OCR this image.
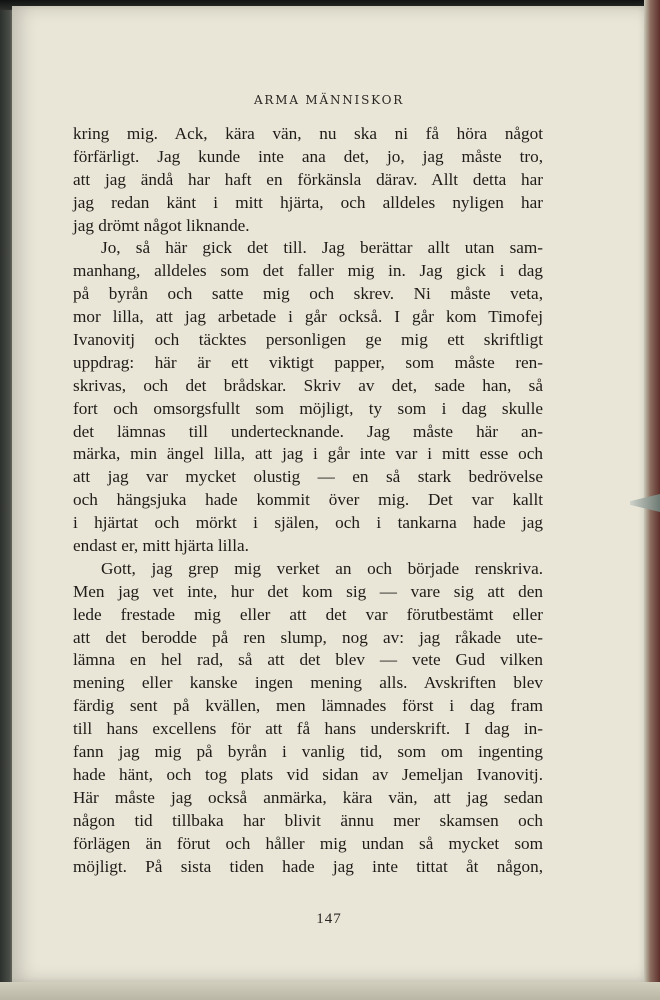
ARMA MÄNNISKOR
kring mig. Ack, kära vän, nu ska ni få höra något
förfärligt. Jag kunde inte ana det, jo, jag måste tro,
att jag ändå har haft en förkänsla därav. Allt detta har
jag redan känt i mitt hjärta, och alldeles nyligen har
jag drömt något liknande.
Jo, så här gick det till. Jag berättar allt utan sam-
manhang, alldeles som det faller mig in. Jag gick i dag
på byrån och satte mig och skrev. Ni måste veta,
mor lilla, att jag arbetade i går också. I går kom Timofej
Ivanovitj och täcktes personligen ge mig ett skriftligt
uppdrag: här är ett viktigt papper, som måste ren-
skrivas, och det brådskar. Skriv av det, sade han, så
fort och omsorgsfullt som möjligt, ty som i dag skulle
det lämnas till undertecknande. Jag måste här an-
märka, min ängel lilla, att jag i går inte var i mitt esse och
att jag var mycket olustig — en så stark bedrövelse
och hängsjuka hade kommit över mig. Det var kallt
i hjärtat och mörkt i själen, och i tankarna hade jag
endast er, mitt hjärta lilla.
Gott, jag grep mig verket an och började renskriva.
Men jag vet inte, hur det kom sig — vare sig att den
lede frestade mig eller att det var förutbestämt eller
att det berodde på ren slump, nog av: jag råkade ute-
lämna en hel rad, så att det blev — vete Gud vilken
mening eller kanske ingen mening alls. Avskriften blev
färdig sent på kvällen, men lämnades först i dag fram
till hans excellens för att få hans underskrift. I dag in-
fann jag mig på byrån i vanlig tid, som om ingenting
hade hänt, och tog plats vid sidan av Jemeljan Ivanovitj.
Här måste jag också anmärka, kära vän, att jag sedan
någon tid tillbaka har blivit ännu mer skamsen och
förlägen än förut och håller mig undan så mycket som
möjligt. På sista tiden hade jag inte tittat åt någon,
147
